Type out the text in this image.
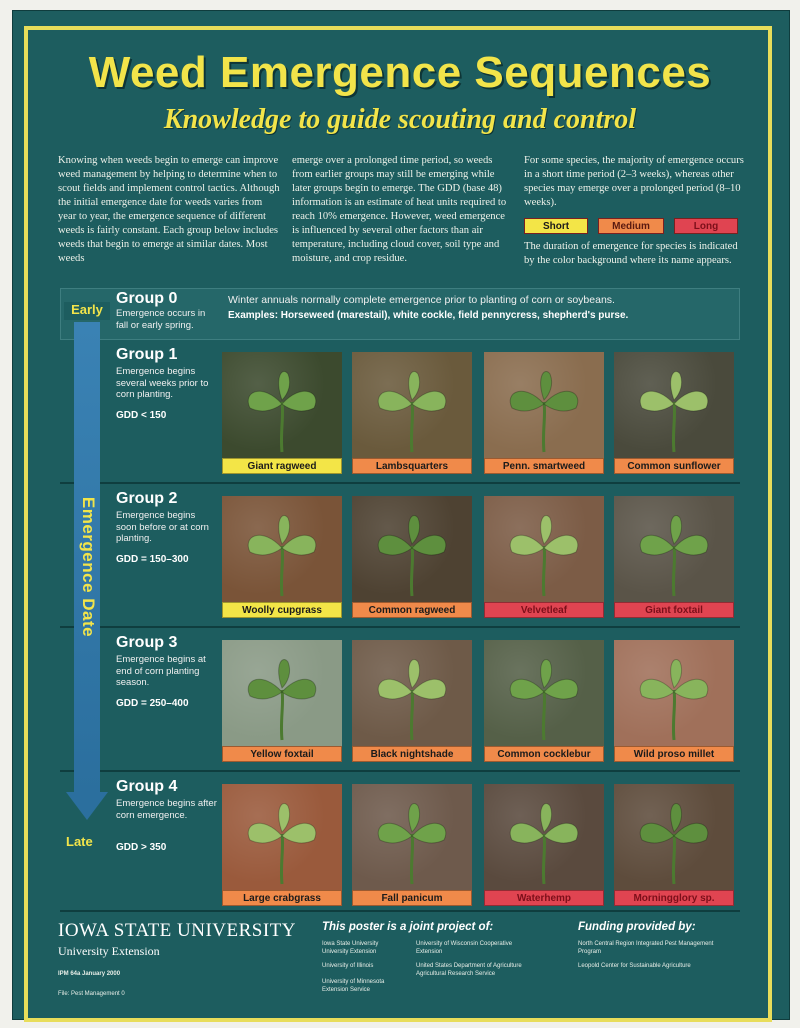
Weed Emergence Sequences
Knowledge to guide scouting and control

Knowing when weeds begin to emerge can improve weed management by helping to determine when to scout fields and implement control tactics. Although the initial emergence date for weeds varies from year to year, the emergence sequence of different weeds is fairly constant. Each group below includes weeds that begin to emerge at similar dates. Most weeds

emerge over a prolonged time period, so weeds from earlier groups may still be emerging while later groups begin to emerge. The GDD (base 48) information is an estimate of heat units required to reach 10% emergence. However, weed emergence is influenced by several other factors than air temperature, including cloud cover, soil type and moisture, and crop residue.

For some species, the majority of emergence occurs in a short time period (2–3 weeks), whereas other species may emerge over a prolonged period (8–10 weeks).

Short	Medium	Long

The duration of emergence for species is indicated by the color background where its name appears.

Group 0

Emergence occurs in fall or early spring.

Winter annuals normally complete emergence prior to planting of corn or soybeans.

Examples: Horseweed (marestail), white cockle, field pennycress, shepherd's purse.

Early
Late
Emergence Date

Group 1

Emergence begins several weeks prior to corn planting.

GDD < 150

Giant ragweed	Lambsquarters	Penn. smartweed	Common sunflower

Group 2

Emergence begins soon before or at corn planting.

GDD = 150–300

Woolly cupgrass	Common ragweed	Velvetleaf	Giant foxtail

Group 3

Emergence begins at end of corn planting season.

GDD = 250–400

Yellow foxtail	Black nightshade	Common cocklebur	Wild proso millet

Group 4

Emergence begins after corn emergence.

GDD > 350

Large crabgrass	Fall panicum	Waterhemp	Morningglory sp.

IOWA STATE UNIVERSITY

University Extension

IPM 64a January 2000

File: Pest Management 0

This poster is a joint project of:

Iowa State University University Extension

University of Illinois

University of Minnesota Extension Service

University of Wisconsin Cooperative Extension

United States Department of Agriculture Agricultural Research Service

Funding provided by:

North Central Region Integrated Pest Management Program

Leopold Center for Sustainable Agriculture
